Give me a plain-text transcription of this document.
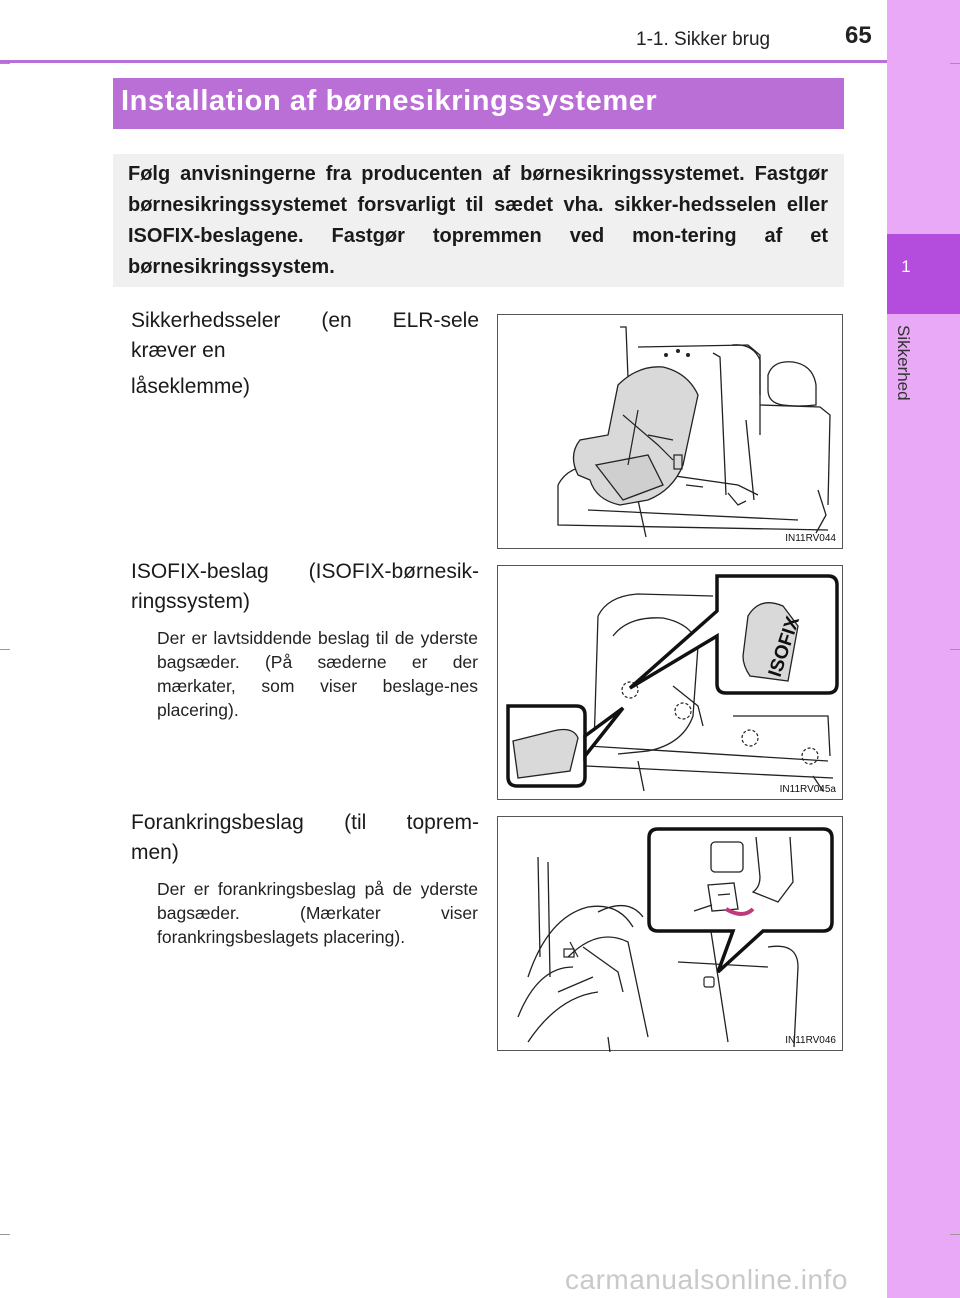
1-1. Sikker brug	65
1
Sikkerhed
Installation af børnesikringssystemer

Følg anvisningerne fra producenten af børnesikringssystemet. Fastgør børnesikringssystemet forsvarligt til sædet vha. sikker-hedsselen eller ISOFIX-beslagene. Fastgør topremmen ved mon-tering af et børnesikringssystem.

Sikkerhedsseler (en ELR-sele

kræver en

låseklemme)

IN11RV044

ISOFIX-beslag (ISOFIX-børnesik-

ringssystem)

Der er lavtsiddende beslag til de yderste bagsæder. (På sæderne er der mærkater, som viser beslage-nes placering).

ISOFIX
IN11RV045a

Forankringsbeslag (til toprem-

men)

Der er forankringsbeslag på de yderste bagsæder. (Mærkater viser forankringsbeslagets placering).

IN11RV046
carmanualsonline.info
